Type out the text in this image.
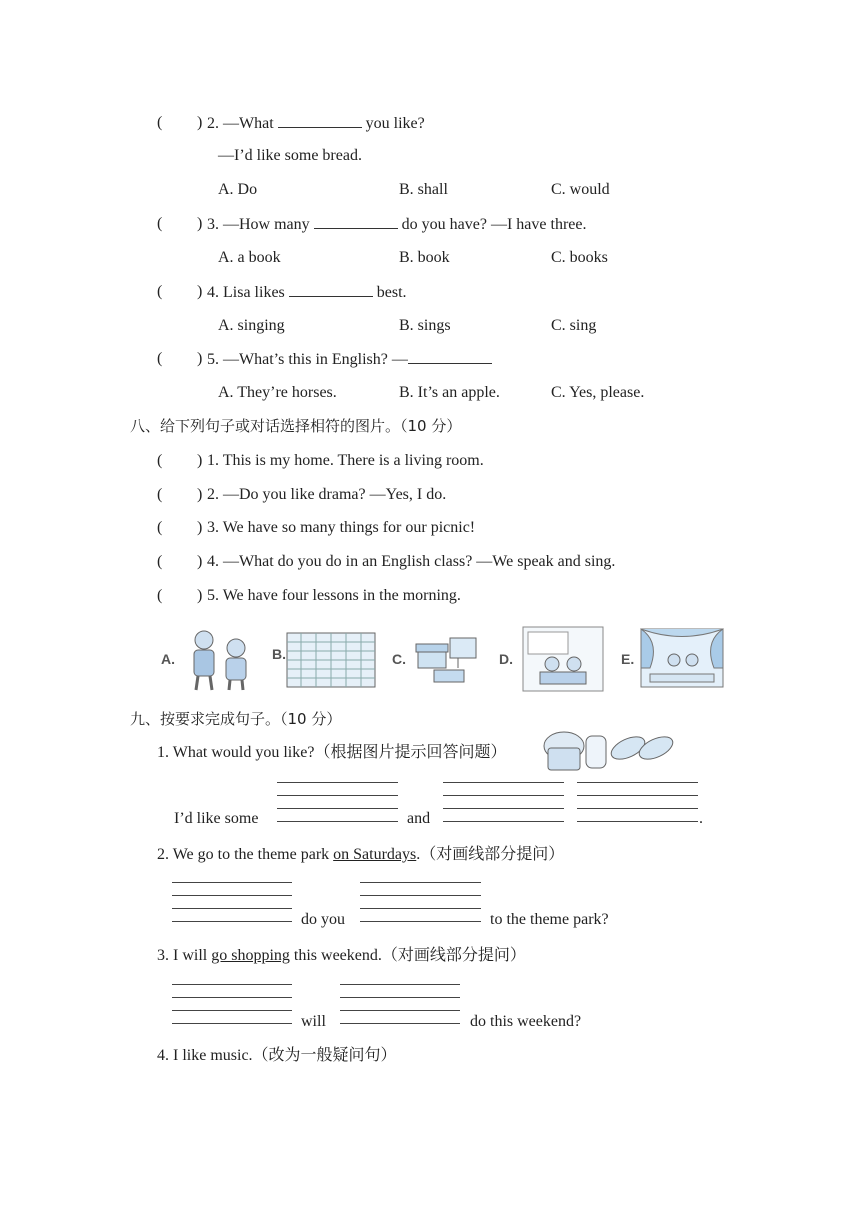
( ) 2. —What	you like?
—I’d like some bread.
A. Do	B. shall	C. would
( ) 3. —How many	do you have? —I have three.
A. a book	B. book	C. books
( ) 4. Lisa likes	best.
A. singing	B. sings	C. sing
( ) 5. —What’s this in English? —
A. They’re horses.	B. It’s an apple.	C. Yes, please.
八、给下列句子或对话选择相符的图片。（10 分）
( ) 1. This is my home. There is a living room.
( ) 2. —Do you like drama? —Yes, I do.
( ) 3. We have so many things for our picnic!
( ) 4. —What do you do in an English class? —We speak and sing.
( ) 5. We have four lessons in the morning.
A.	B.	C.	D.	E.
九、按要求完成句子。（10 分）
1. What would you like?（根据图片提示回答问题）
I’d like some	and	.
2. We go to the theme park on Saturdays.（对画线部分提问）
do you	to the theme park?
3. I will go shopping this weekend.（对画线部分提问）
will	do this weekend?
4. I like music.（改为一般疑问句）
